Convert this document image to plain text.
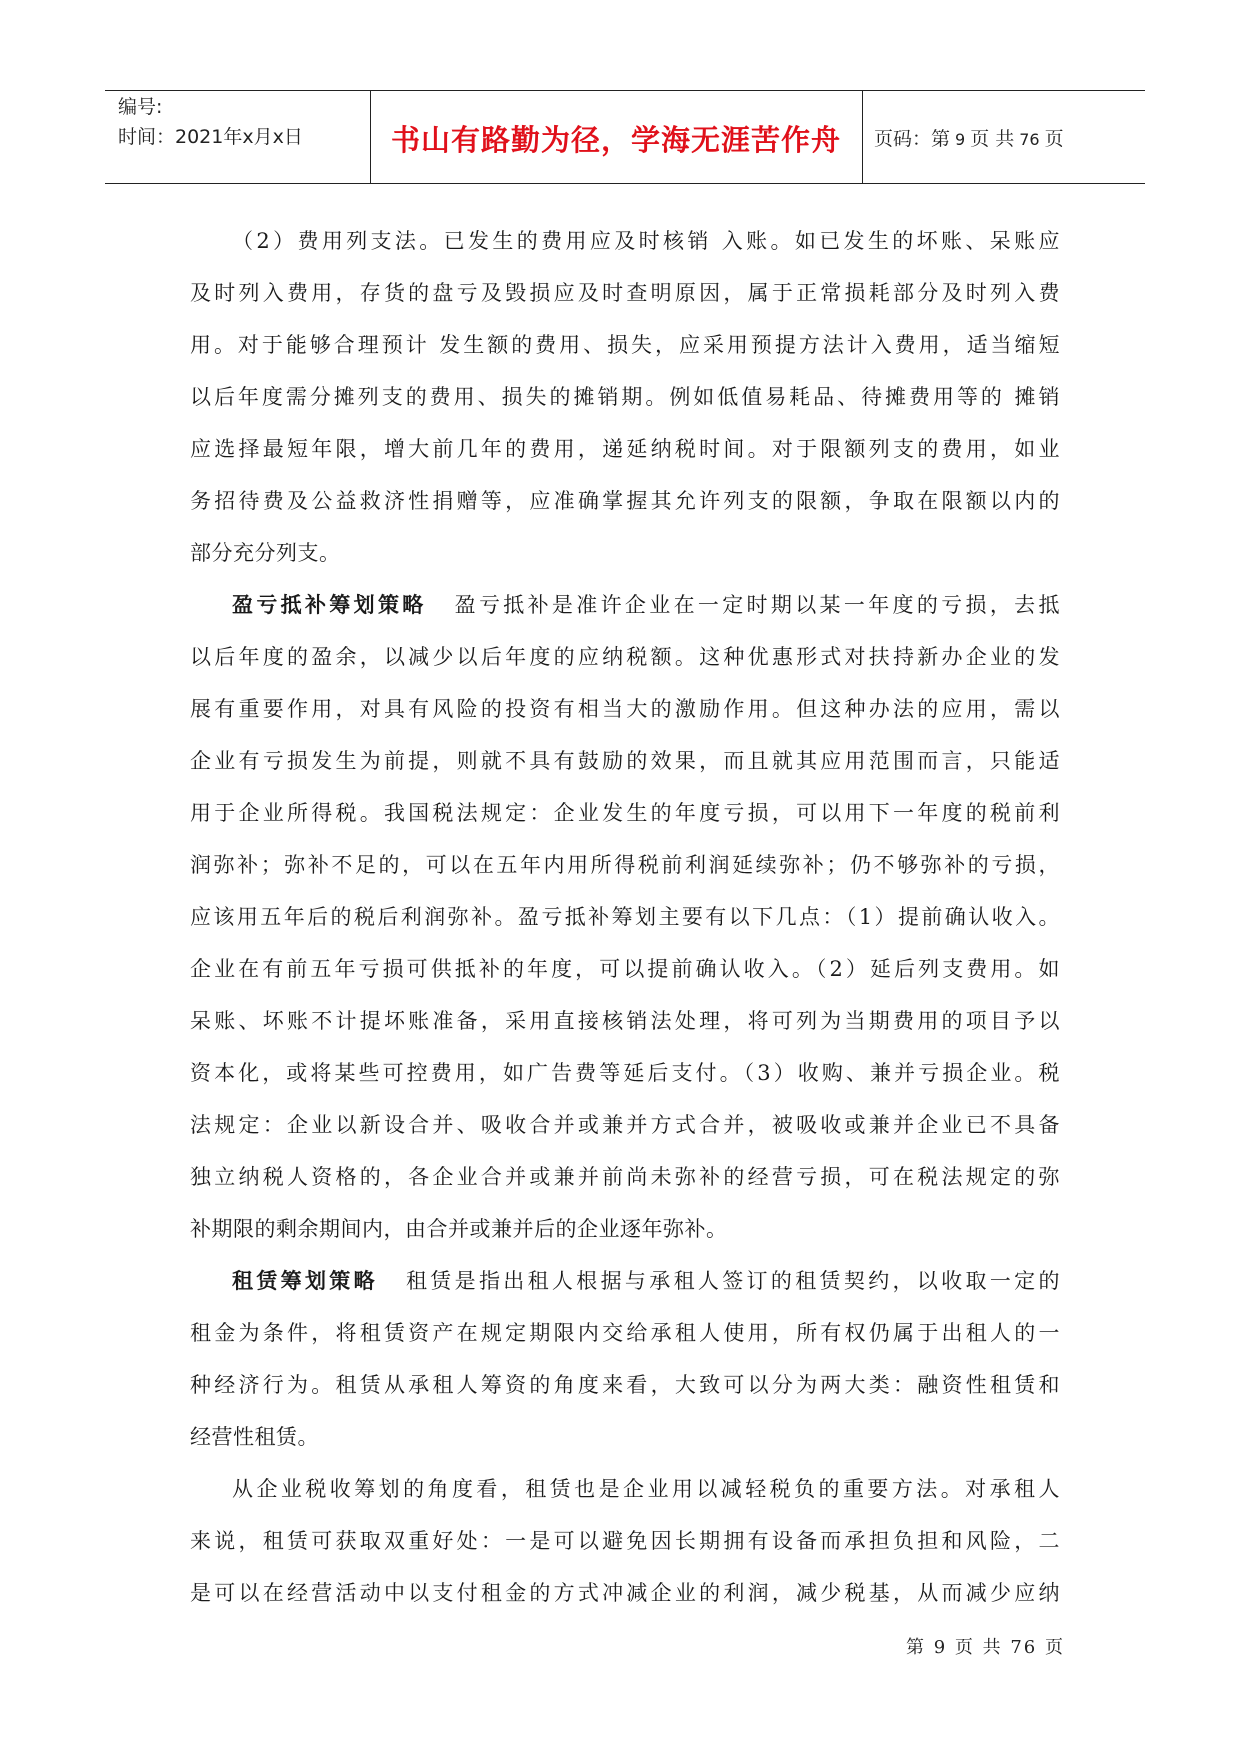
编号:
时间：2021年x月x日	书山有路勤为径，学海无涯苦作舟	页码：第 9 页 共 76 页
（2）费用列支法。已发生的费用应及时核销 入账。如已发生的坏账、呆账应
及时列入费用，存货的盘亏及毁损应及时查明原因，属于正常损耗部分及时列入费
用。对于能够合理预计 发生额的费用、损失，应采用预提方法计入费用，适当缩短
以后年度需分摊列支的费用、损失的摊销期。例如低值易耗品、待摊费用等的 摊销
应选择最短年限，增大前几年的费用，递延纳税时间。对于限额列支的费用，如业
务招待费及公益救济性捐赠等，应准确掌握其允许列支的限额，争取在限额以内的
部分充分列支。
盈亏抵补筹划策略 盈亏抵补是准许企业在一定时期以某一年度的亏损，去抵
以后年度的盈余，以减少以后年度的应纳税额。这种优惠形式对扶持新办企业的发
展有重要作用，对具有风险的投资有相当大的激励作用。但这种办法的应用，需以
企业有亏损发生为前提，则就不具有鼓励的效果，而且就其应用范围而言，只能适
用于企业所得税。我国税法规定：企业发生的年度亏损，可以用下一年度的税前利
润弥补；弥补不足的，可以在五年内用所得税前利润延续弥补；仍不够弥补的亏损，
应该用五年后的税后利润弥补。盈亏抵补筹划主要有以下几点：（1）提前确认收入。
企业在有前五年亏损可供抵补的年度，可以提前确认收入。（2）延后列支费用。如
呆账、坏账不计提坏账准备，采用直接核销法处理，将可列为当期费用的项目予以
资本化，或将某些可控费用，如广告费等延后支付。（3）收购、兼并亏损企业。税
法规定：企业以新设合并、吸收合并或兼并方式合并，被吸收或兼并企业已不具备
独立纳税人资格的，各企业合并或兼并前尚未弥补的经营亏损，可在税法规定的弥
补期限的剩余期间内，由合并或兼并后的企业逐年弥补。
租赁筹划策略 租赁是指出租人根据与承租人签订的租赁契约，以收取一定的
租金为条件，将租赁资产在规定期限内交给承租人使用，所有权仍属于出租人的一
种经济行为。租赁从承租人筹资的角度来看，大致可以分为两大类：融资性租赁和
经营性租赁。
从企业税收筹划的角度看，租赁也是企业用以减轻税负的重要方法。对承租人
来说，租赁可获取双重好处：一是可以避免因长期拥有设备而承担负担和风险，二
是可以在经营活动中以支付租金的方式冲减企业的利润，减少税基，从而减少应纳
第 9 页 共 76 页
